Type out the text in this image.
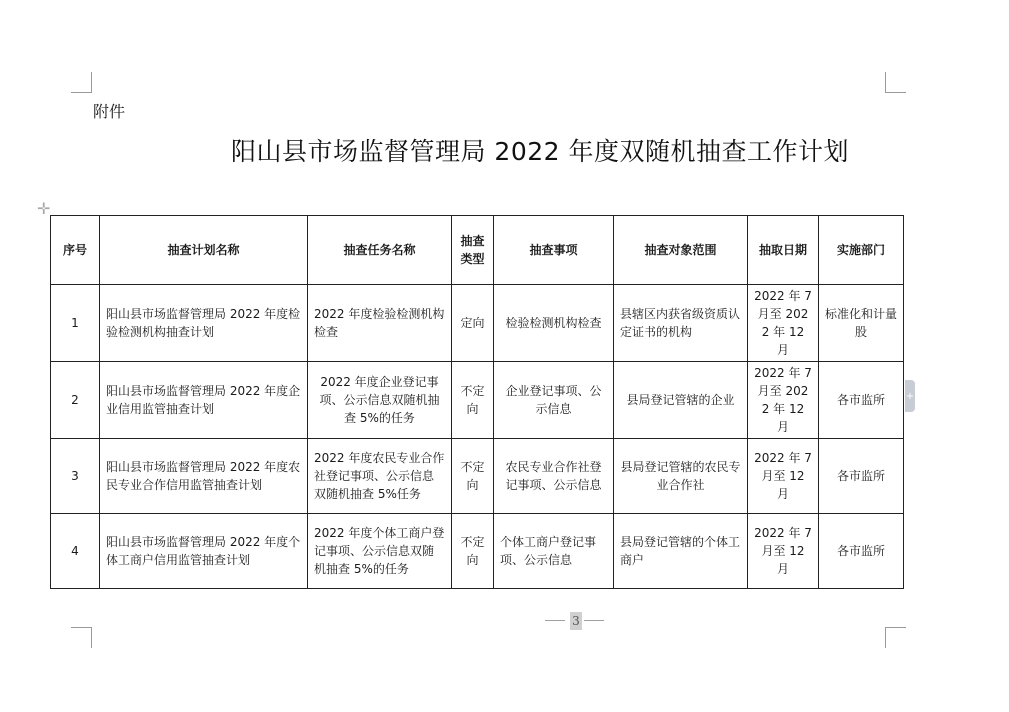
附件
阳山县市场监督管理局 2022 年度双随机抽查工作计划
✛
+
序号	抽查计划名称	抽查任务名称	抽查类型	抽查事项	抽查对象范围	抽取日期	实施部门
1	阳山县市场监督管理局 2022 年度检验检测机构抽查计划	2022 年度检验检测机构检查	定向	检验检测机构检查	县辖区内获省级资质认定证书的机构	2022 年 7 月至 2022 年 12 月	标准化和计量股
2	阳山县市场监督管理局 2022 年度企业信用监管抽查计划	2022 年度企业登记事项、公示信息双随机抽查 5%的任务	不定向	企业登记事项、公示信息	县局登记管辖的企业	2022 年 7 月至 2022 年 12 月	各市监所
3	阳山县市场监督管理局 2022 年度农民专业合作信用监管抽查计划	2022 年度农民专业合作社登记事项、公示信息双随机抽查 5%任务	不定向	农民专业合作社登记事项、公示信息	县局登记管辖的农民专业合作社	2022 年 7 月至 12 月	各市监所
4	阳山县市场监督管理局 2022 年度个体工商户信用监管抽查计划	2022 年度个体工商户登记事项、公示信息双随机抽查 5%的任务	不定向	个体工商户登记事项、公示信息	县局登记管辖的个体工商户	2022 年 7 月至 12 月	各市监所
3
